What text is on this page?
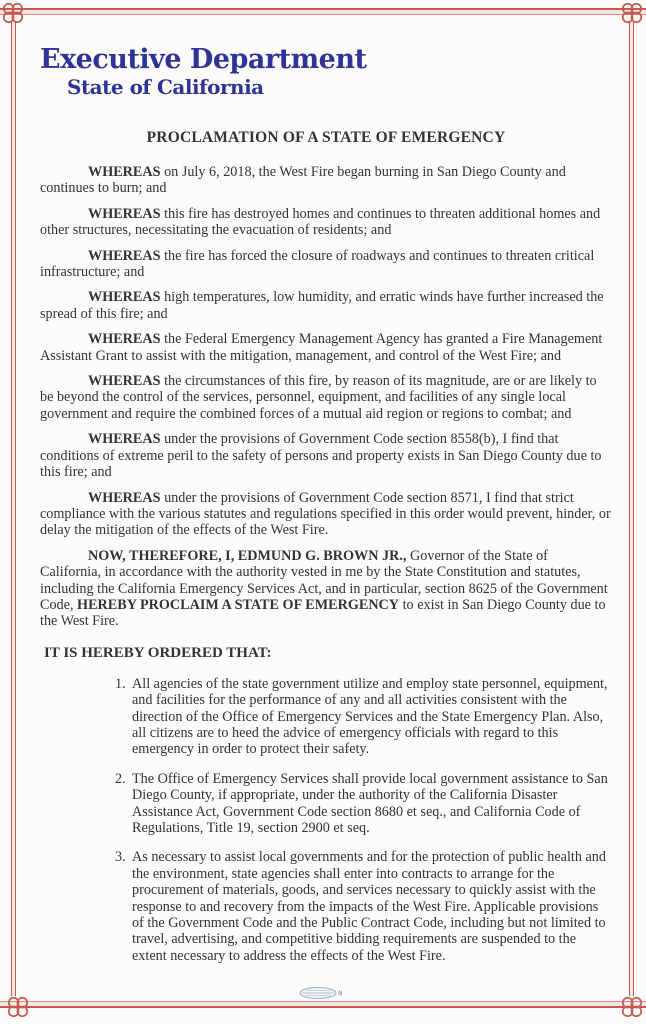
Executive Department
State of California
PROCLAMATION OF A STATE OF EMERGENCY

WHEREAS on July 6, 2018, the West Fire began burning in San Diego County and continues to burn; and

WHEREAS this fire has destroyed homes and continues to threaten additional homes and other structures, necessitating the evacuation of residents; and

WHEREAS the fire has forced the closure of roadways and continues to threaten critical infrastructure; and

WHEREAS high temperatures, low humidity, and erratic winds have further increased the spread of this fire; and

WHEREAS the Federal Emergency Management Agency has granted a Fire Management Assistant Grant to assist with the mitigation, management, and control of the West Fire; and

WHEREAS the circumstances of this fire, by reason of its magnitude, are or are likely to be beyond the control of the services, personnel, equipment, and facilities of any single local government and require the combined forces of a mutual aid region or regions to combat; and

WHEREAS under the provisions of Government Code section 8558(b), I find that conditions of extreme peril to the safety of persons and property exists in San Diego County due to this fire; and

WHEREAS under the provisions of Government Code section 8571, I find that strict compliance with the various statutes and regulations specified in this order would prevent, hinder, or delay the mitigation of the effects of the West Fire.

NOW, THEREFORE, I, EDMUND G. BROWN JR., Governor of the State of California, in accordance with the authority vested in me by the State Constitution and statutes, including the California Emergency Services Act, and in particular, section 8625 of the Government Code, HEREBY PROCLAIM A STATE OF EMERGENCY to exist in San Diego County due to the West Fire.

IT IS HEREBY ORDERED THAT:
1. All agencies of the state government utilize and employ state personnel, equipment, and facilities for the performance of any and all activities consistent with the direction of the Office of Emergency Services and the State Emergency Plan. Also, all citizens are to heed the advice of emergency officials with regard to this emergency in order to protect their safety.
2. The Office of Emergency Services shall provide local government assistance to San Diego County, if appropriate, under the authority of the California Disaster Assistance Act, Government Code section 8680 et seq., and California Code of Regulations, Title 19, section 2900 et seq.
3. As necessary to assist local governments and for the protection of public health and the environment, state agencies shall enter into contracts to arrange for the procurement of materials, goods, and services necessary to quickly assist with the response to and recovery from the impacts of the West Fire. Applicable provisions of the Government Code and the Public Contract Code, including but not limited to travel, advertising, and competitive bidding requirements are suspended to the extent necessary to address the effects of the West Fire.
